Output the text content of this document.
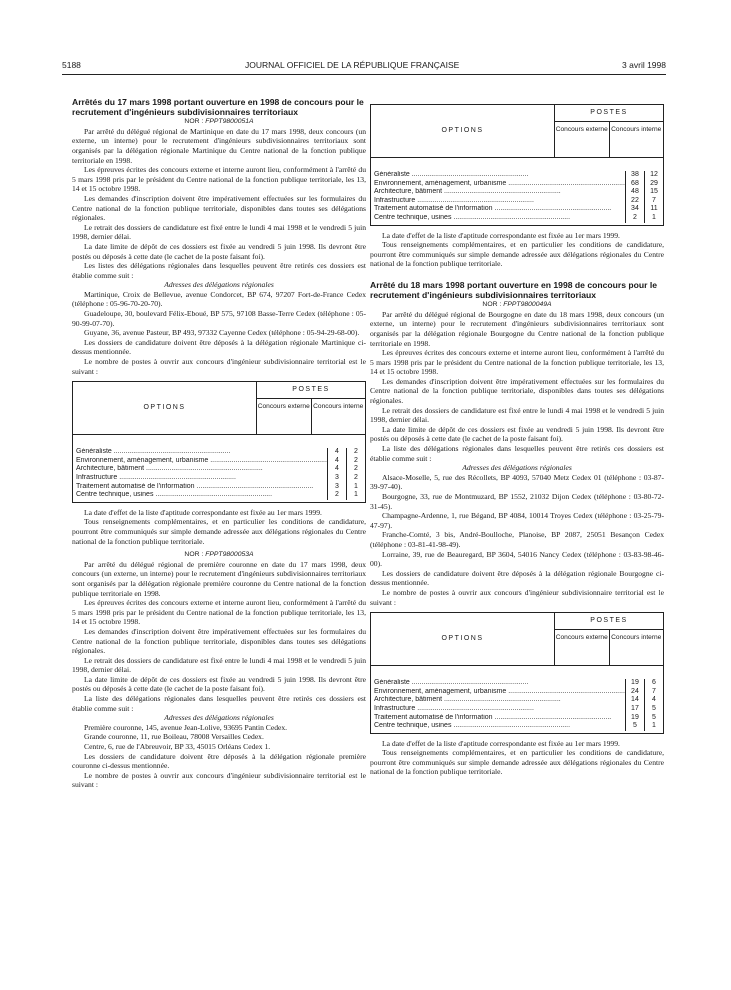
5188	JOURNAL OFFICIEL DE LA RÉPUBLIQUE FRANÇAISE	3 avril 1998
Arrêtés du 17 mars 1998 portant ouverture en 1998 de concours pour le recrutement d'ingénieurs subdivisionnaires territoriaux

NOR : FPPT9800051A

Par arrêté du délégué régional de Martinique en date du 17 mars 1998, deux concours (un externe, un interne) pour le recrutement d'ingénieurs subdivisionnaires territoriaux sont organisés par la délégation régionale Martinique du Centre national de la fonction publique territoriale en 1998.

Les épreuves écrites des concours externe et interne auront lieu, conformément à l'arrêté du 5 mars 1998 pris par le président du Centre national de la fonction publique territoriale, les 13, 14 et 15 octobre 1998.

Les demandes d'inscription doivent être impérativement effectuées sur les formulaires du Centre national de la fonction publique territoriale, disponibles dans toutes ses délégations régionales.

Le retrait des dossiers de candidature est fixé entre le lundi 4 mai 1998 et le vendredi 5 juin 1998, dernier délai.

La date limite de dépôt de ces dossiers est fixée au vendredi 5 juin 1998. Ils devront être postés ou déposés à cette date (le cachet de la poste faisant foi).

Les listes des délégations régionales dans lesquelles peuvent être retirés ces dossiers est établie comme suit :

Adresses des délégations régionales

Martinique, Croix de Bellevue, avenue Condorcet, BP 674, 97207 Fort-de-France Cedex (téléphone : 05-96-70-20-70).

Guadeloupe, 30, boulevard Félix-Eboué, BP 575, 97108 Basse-Terre Cedex (téléphone : 05-90-99-07-70).

Guyane, 36, avenue Pasteur, BP 493, 97332 Cayenne Cedex (téléphone : 05-94-29-68-00).

Les dossiers de candidature doivent être déposés à la délégation régionale Martinique ci-dessus mentionnée.

Le nombre de postes à ouvrir aux concours d'ingénieur subdivisionnaire territorial est le suivant :

OPTIONS
POSTES
Concours externe Concours interne
Généraliste .....
Environnement, aménagement, urbanisme .....
Architecture, bâtiment .....
Infrastructure .....
Traitement automatisé de l'information .....
Centre technique, usines .....
4
4
4
3
3
2
2
2
2
2
1
1

La date d'effet de la liste d'aptitude correspondante est fixée au 1er mars 1999.

Tous renseignements complémentaires, et en particulier les conditions de candidature, pourront être communiqués sur simple demande adressée aux délégations régionales du Centre national de la fonction publique territoriale.

NOR : FPPT9800053A

Par arrêté du délégué régional de première couronne en date du 17 mars 1998, deux concours (un externe, un interne) pour le recrutement d'ingénieurs subdivisionnaires territoriaux sont organisés par la délégation régionale première couronne du Centre national de la fonction publique territoriale en 1998.

Les épreuves écrites des concours externe et interne auront lieu, conformément à l'arrêté du 5 mars 1998 pris par le président du Centre national de la fonction publique territoriale, les 13, 14 et 15 octobre 1998.

Les demandes d'inscription doivent être impérativement effectuées sur les formulaires du Centre national de la fonction publique territoriale, disponibles dans toutes ses délégations régionales.

Le retrait des dossiers de candidature est fixé entre le lundi 4 mai 1998 et le vendredi 5 juin 1998, dernier délai.

La date limite de dépôt de ces dossiers est fixée au vendredi 5 juin 1998. Ils devront être postés ou déposés à cette date (le cachet de la poste faisant foi).

La liste des délégations régionales dans lesquelles peuvent être retirés ces dossiers est établie comme suit :

Adresses des délégations régionales

Première couronne, 145, avenue Jean-Lolive, 93695 Pantin Cedex.

Grande couronne, 11, rue Boileau, 78008 Versailles Cedex.

Centre, 6, rue de l'Abreuvoir, BP 33, 45015 Orléans Cedex 1.

Les dossiers de candidature doivent être déposés à la délégation régionale première couronne ci-dessus mentionnée.

Le nombre de postes à ouvrir aux concours d'ingénieur subdivisionnaire territorial est le suivant :

OPTIONS
POSTES
Concours externe Concours interne
Généraliste .....
Environnement, aménagement, urbanisme .....
Architecture, bâtiment .....
Infrastructure .....
Traitement automatisé de l'information .....
Centre technique, usines .....
38
68
48
22
34
2
12
29
15
7
11
1

La date d'effet de la liste d'aptitude correspondante est fixée au 1er mars 1999.

Tous renseignements complémentaires, et en particulier les conditions de candidature, pourront être communiqués sur simple demande adressée aux délégations régionales du Centre national de la fonction publique territoriale.

Arrêté du 18 mars 1998 portant ouverture en 1998 de concours pour le recrutement d'ingénieurs subdivisionnaires territoriaux

NOR : FPPT9800049A

Par arrêté du délégué régional de Bourgogne en date du 18 mars 1998, deux concours (un externe, un interne) pour le recrutement d'ingénieurs subdivisionnaires territoriaux sont organisés par la délégation régionale Bourgogne du Centre national de la fonction publique territoriale en 1998.

Les épreuves écrites des concours externe et interne auront lieu, conformément à l'arrêté du 5 mars 1998 pris par le président du Centre national de la fonction publique territoriale, les 13, 14 et 15 octobre 1998.

Les demandes d'inscription doivent être impérativement effectuées sur les formulaires du Centre national de la fonction publique territoriale, disponibles dans toutes ses délégations régionales.

Le retrait des dossiers de candidature est fixé entre le lundi 4 mai 1998 et le vendredi 5 juin 1998, dernier délai.

La date limite de dépôt de ces dossiers est fixée au vendredi 5 juin 1998. Ils devront être postés ou déposés à cette date (le cachet de la poste faisant foi).

La liste des délégations régionales dans lesquelles peuvent être retirés ces dossiers est établie comme suit :

Adresses des délégations régionales

Alsace-Moselle, 5, rue des Récollets, BP 4093, 57040 Metz Cedex 01 (téléphone : 03-87-39-97-40).

Bourgogne, 33, rue de Montmuzard, BP 1552, 21032 Dijon Cedex (téléphone : 03-80-72-31-45).

Champagne-Ardenne, 1, rue Bégand, BP 4084, 10014 Troyes Cedex (téléphone : 03-25-79-47-97).

Franche-Comté, 3 bis, André-Boulloche, Planoise, BP 2087, 25051 Besançon Cedex (téléphone : 03-81-41-98-49).

Lorraine, 39, rue de Beauregard, BP 3604, 54016 Nancy Cedex (téléphone : 03-83-98-46-00).

Les dossiers de candidature doivent être déposés à la délégation régionale Bourgogne ci-dessus mentionnée.

Le nombre de postes à ouvrir aux concours d'ingénieur subdivisionnaire territorial est le suivant :

OPTIONS
POSTES
Concours externe Concours interne
Généraliste .....
Environnement, aménagement, urbanisme .....
Architecture, bâtiment .....
Infrastructure .....
Traitement automatisé de l'information .....
Centre technique, usines .....
19
24
14
17
19
5
6
7
4
5
5
1

La date d'effet de la liste d'aptitude correspondante est fixée au 1er mars 1999.

Tous renseignements complémentaires, et en particulier les conditions de candidature, pourront être communiqués sur simple demande adressée aux délégations régionales du Centre national de la fonction publique territoriale.
